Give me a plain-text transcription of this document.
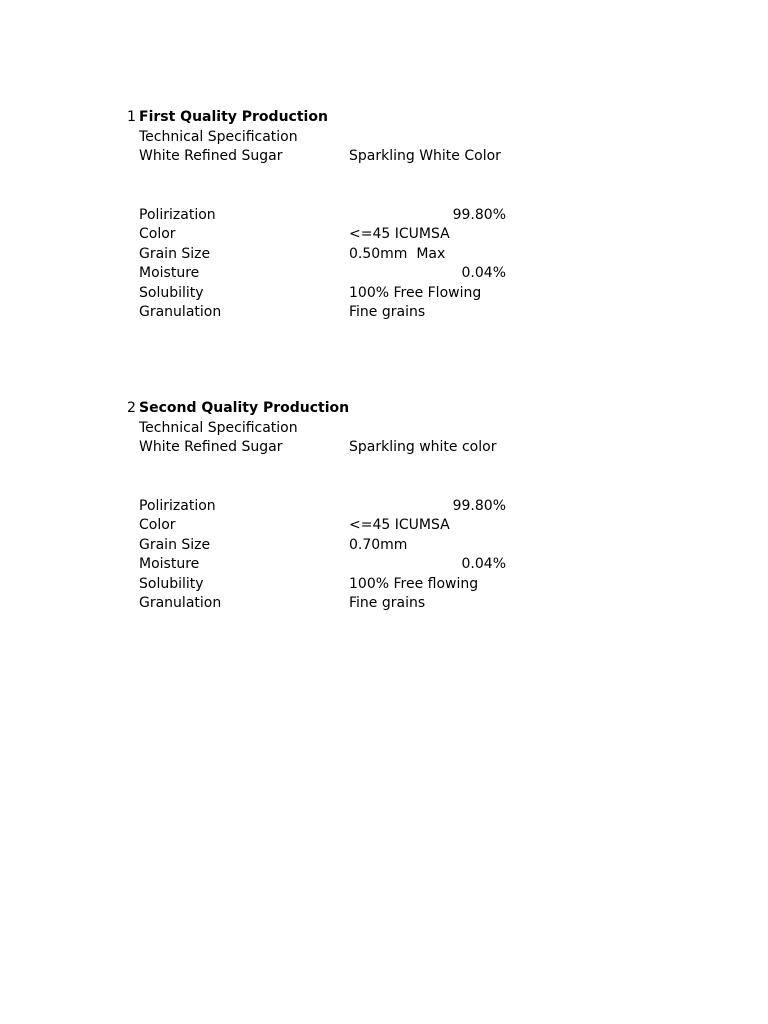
1 First Quality Production
Technical Specification
White Refined Sugar	Sparkling White Color
Polirization	99.80%
Color	<=45 ICUMSA
Grain Size	0.50mm  Max
Moisture	0.04%
Solubility	100% Free Flowing
Granulation	Fine grains
2 Second Quality Production
Technical Specification
White Refined Sugar	Sparkling white color
Polirization	99.80%
Color	<=45 ICUMSA
Grain Size	0.70mm
Moisture	0.04%
Solubility	100% Free flowing
Granulation	Fine grains
